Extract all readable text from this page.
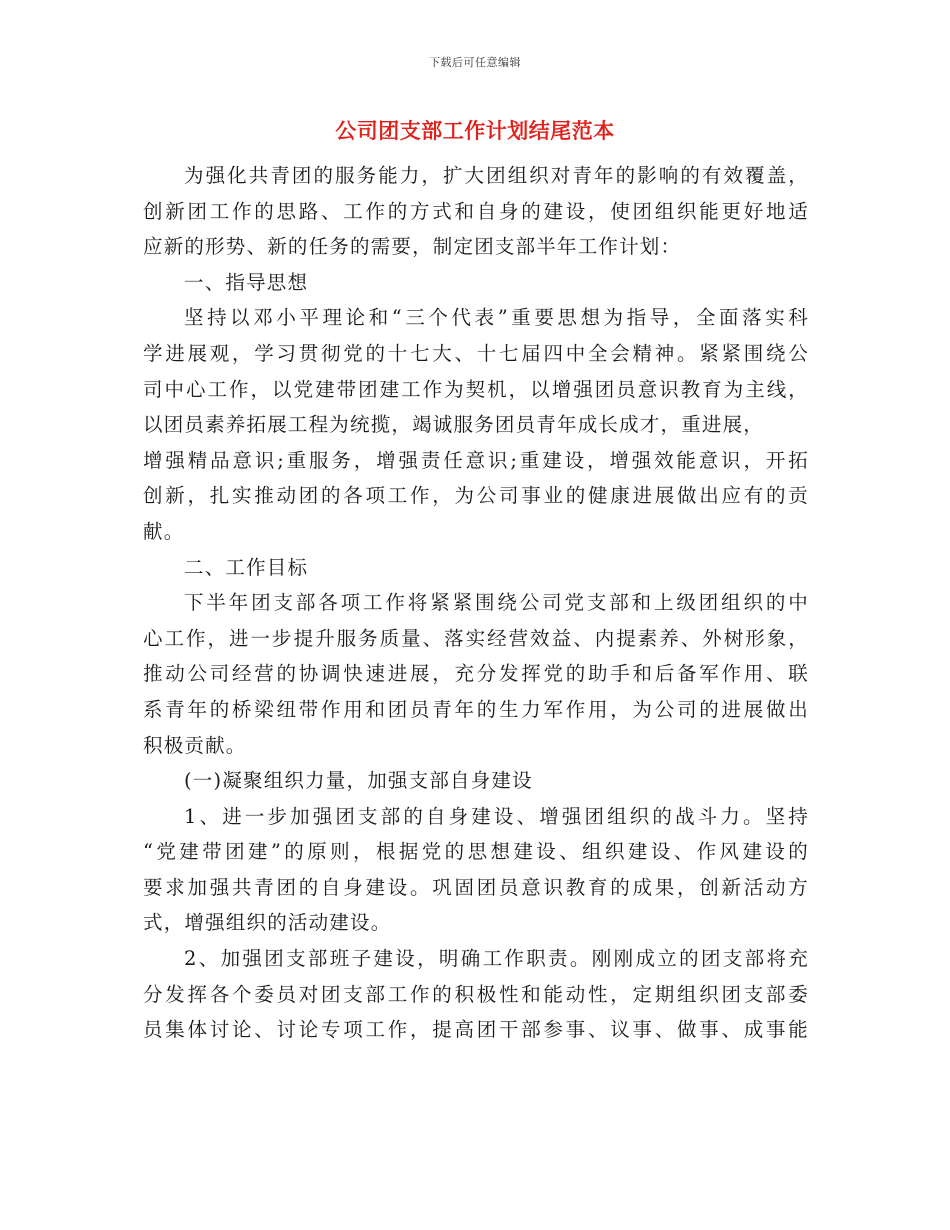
下载后可任意编辑
公司团支部工作计划结尾范本
为强化共青团的服务能力，扩大团组织对青年的影响的有效覆盖，
创新团工作的思路、工作的方式和自身的建设，使团组织能更好地适
应新的形势、新的任务的需要，制定团支部半年工作计划：
一、指导思想
坚持以邓小平理论和“三个代表”重要思想为指导，全面落实科
学进展观，学习贯彻党的十七大、十七届四中全会精神。紧紧围绕公
司中心工作，以党建带团建工作为契机，以增强团员意识教育为主线，
以团员素养拓展工程为统揽，竭诚服务团员青年成长成才，重进展，
增强精品意识;重服务，增强责任意识;重建设，增强效能意识，开拓
创新，扎实推动团的各项工作，为公司事业的健康进展做出应有的贡
献。
二、工作目标
下半年团支部各项工作将紧紧围绕公司党支部和上级团组织的中
心工作，进一步提升服务质量、落实经营效益、内提素养、外树形象，
推动公司经营的协调快速进展，充分发挥党的助手和后备军作用、联
系青年的桥梁纽带作用和团员青年的生力军作用，为公司的进展做出
积极贡献。
(一)凝聚组织力量，加强支部自身建设
1、进一步加强团支部的自身建设、增强团组织的战斗力。坚持
“党建带团建”的原则，根据党的思想建设、组织建设、作风建设的
要求加强共青团的自身建设。巩固团员意识教育的成果，创新活动方
式，增强组织的活动建设。
2、加强团支部班子建设，明确工作职责。刚刚成立的团支部将充
分发挥各个委员对团支部工作的积极性和能动性，定期组织团支部委
员集体讨论、讨论专项工作，提高团干部参事、议事、做事、成事能
